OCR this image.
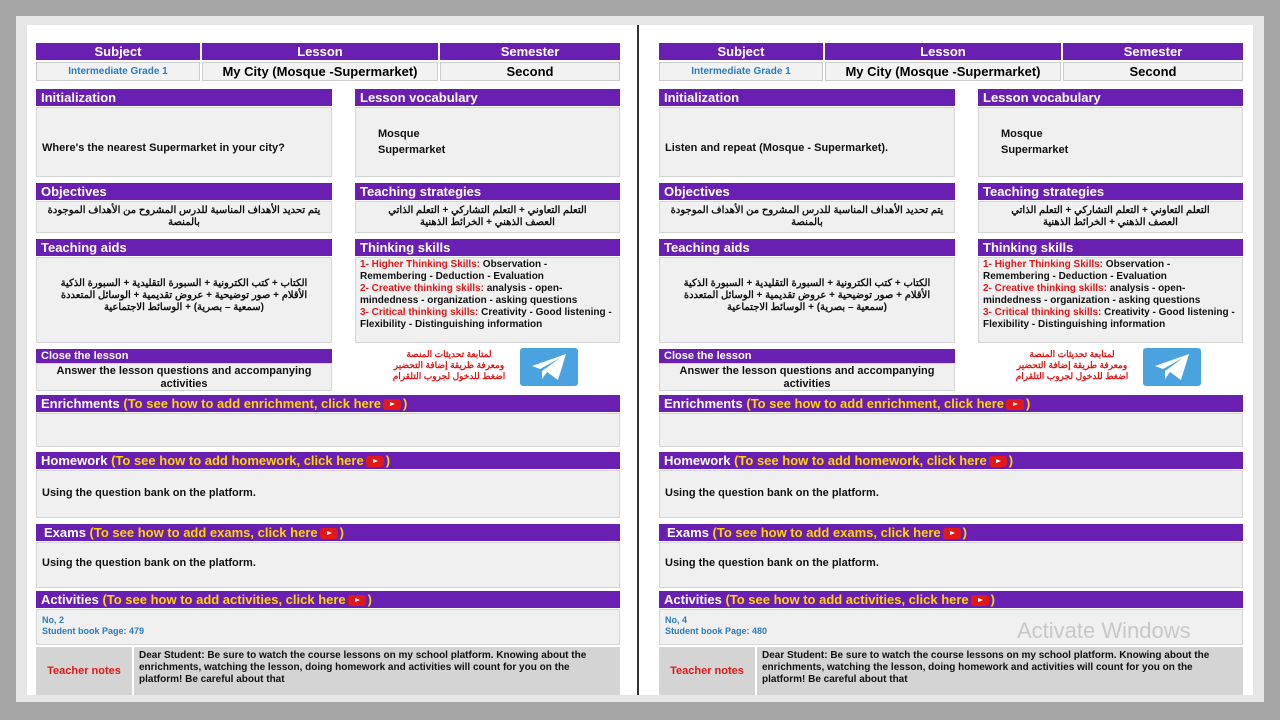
Subject	Lesson	Semester
Intermediate Grade 1	My City (Mosque -Supermarket)	Second
Initialization
Where's the nearest Supermarket in your city?
Lesson vocabulary
Mosque
Supermarket
Objectives
يتم تحديد الأهداف المناسبة للدرس المشروح من الأهداف الموجودة بالمنصة
Teaching strategies
التعلم التعاوني + التعلم التشاركي + التعلم الذاتي
العصف الذهني + الخرائط الذهنية
Teaching aids
الكتاب + كتب الكترونية + السبورة التقليدية + السبورة الذكية الأقلام + صور توضيحية + عروض تقديمية + الوسائل المتعددة (سمعية – بصرية) + الوسائط الاجتماعية
Thinking skills
1- Higher Thinking Skills: Observation - Remembering - Deduction - Evaluation
2- Creative thinking skills: analysis - open-mindedness - organization - asking questions
3- Critical thinking skills: Creativity - Good listening - Flexibility - Distinguishing information
Close the lesson
Answer the lesson questions and accompanying activities
لمتابعة تحديثات المنصة
ومعرفة طريقة إضافة التحضير
اضغط للدخول لجروب التلقرام
Enrichments (To see how to add enrichment, click here )
Homework (To see how to add homework, click here )
Using the question bank on the platform.
Exams (To see how to add exams, click here )
Using the question bank on the platform.
Activities (To see how to add activities, click here )
No, 2
Student book Page: 479
Teacher notes
Dear Student: Be sure to watch the course lessons on my school platform. Knowing about the enrichments, watching the lesson, doing homework and activities will count for you on the platform! Be careful about that
Subject	Lesson	Semester
Intermediate Grade 1	My City (Mosque -Supermarket)	Second
Initialization
Listen and repeat (Mosque - Supermarket).
Lesson vocabulary
Mosque
Supermarket
Objectives
يتم تحديد الأهداف المناسبة للدرس المشروح من الأهداف الموجودة بالمنصة
Teaching strategies
التعلم التعاوني + التعلم التشاركي + التعلم الذاتي
العصف الذهني + الخرائط الذهنية
Teaching aids
الكتاب + كتب الكترونية + السبورة التقليدية + السبورة الذكية الأقلام + صور توضيحية + عروض تقديمية + الوسائل المتعددة (سمعية – بصرية) + الوسائط الاجتماعية
Thinking skills
1- Higher Thinking Skills: Observation - Remembering - Deduction - Evaluation
2- Creative thinking skills: analysis - open-mindedness - organization - asking questions
3- Critical thinking skills: Creativity - Good listening - Flexibility - Distinguishing information
Close the lesson
Answer the lesson questions and accompanying activities
لمتابعة تحديثات المنصة
ومعرفة طريقة إضافة التحضير
اضغط للدخول لجروب التلقرام
Enrichments (To see how to add enrichment, click here )
Homework (To see how to add homework, click here )
Using the question bank on the platform.
Exams (To see how to add exams, click here )
Using the question bank on the platform.
Activities (To see how to add activities, click here )
No, 4
Student book Page: 480
Teacher notes
Dear Student: Be sure to watch the course lessons on my school platform. Knowing about the enrichments, watching the lesson, doing homework and activities will count for you on the platform! Be careful about that
Activate Windows
